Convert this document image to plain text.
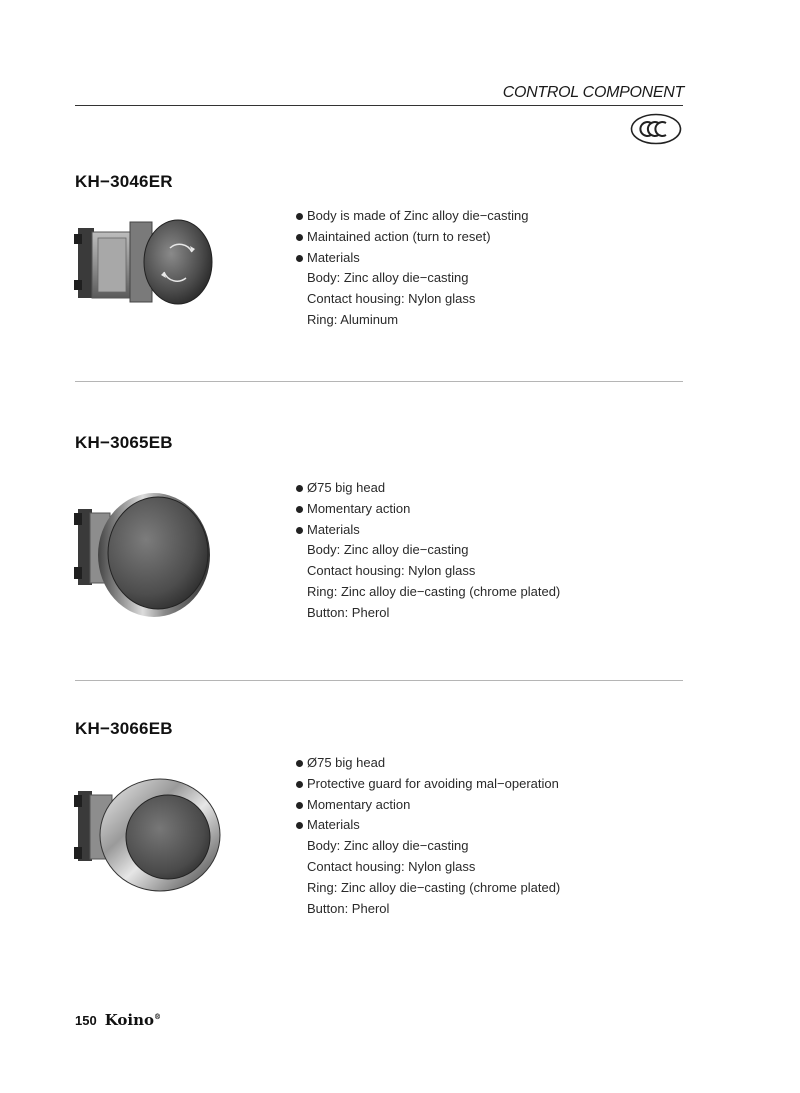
CONTROL COMPONENT
KH−3046ER
Body is made of Zinc alloy die−casting
Maintained action (turn to reset)
Materials
Body: Zinc alloy die−casting
Contact housing: Nylon glass
Ring: Aluminum
KH−3065EB
Ø75 big head
Momentary action
Materials
Body: Zinc alloy die−casting
Contact housing: Nylon glass
Ring: Zinc alloy die−casting (chrome plated)
Button: Pherol
KH−3066EB
Ø75 big head
Protective guard for avoiding mal−operation
Momentary action
Materials
Body: Zinc alloy die−casting
Contact housing: Nylon glass
Ring: Zinc alloy die−casting (chrome plated)
Button: Pherol
150 Koino®
